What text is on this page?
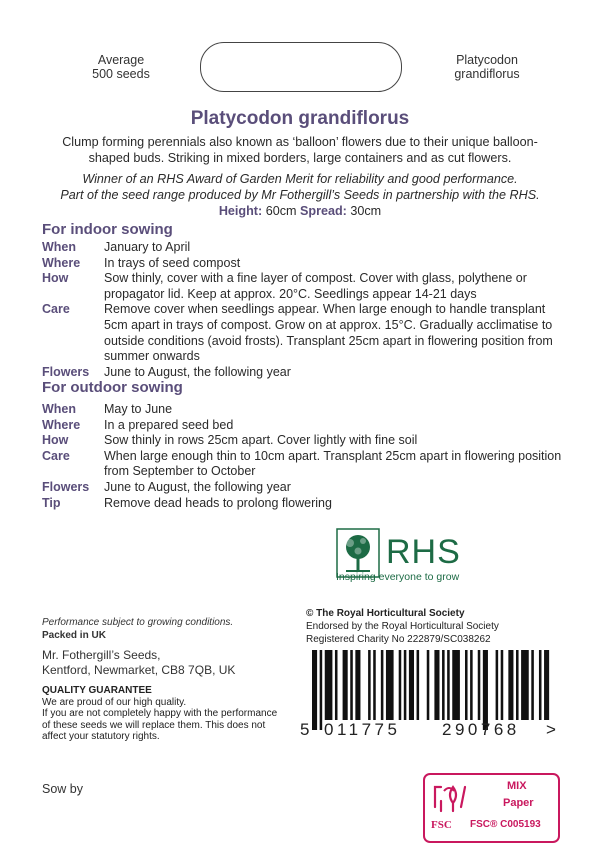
Average
500 seeds
Platycodon
grandiflorus
Platycodon grandiflorus
Clump forming perennials also known as ‘balloon’ flowers due to their unique balloon-
shaped buds. Striking in mixed borders, large containers and as cut flowers.
Winner of an RHS Award of Garden Merit for reliability and good performance.
Part of the seed range produced by Mr Fothergill’s Seeds in partnership with the RHS.
Height: 60cm Spread: 30cm
For indoor sowing
When	January to April
Where	In trays of seed compost
How	Sow thinly, cover with a fine layer of compost. Cover with glass, polythene or propagator lid. Keep at approx. 20°C. Seedlings appear 14-21 days
Care	Remove cover when seedlings appear. When large enough to handle transplant 5cm apart in trays of compost. Grow on at approx. 15°C. Gradually acclimatise to outside conditions (avoid frosts). Transplant 25cm apart in flowering position from summer onwards
Flowers	June to August, the following year
For outdoor sowing
When	May to June
Where	In a prepared seed bed
How	Sow thinly in rows 25cm apart. Cover lightly with fine soil
Care	When large enough thin to 10cm apart. Transplant 25cm apart in flowering position from September to October
Flowers	June to August, the following year
Tip	Remove dead heads to prolong flowering
RHS
Inspiring everyone to grow
Performance subject to growing conditions.
Packed in UK
Mr. Fothergill’s Seeds,
Kentford, Newmarket, CB8 7QB, UK
QUALITY GUARANTEE
We are proud of our high quality.
If you are not completely happy with the performance
of these seeds we will replace them. This does not
affect your statutory rights.
Sow by
© The Royal Horticultural Society
Endorsed by the Royal Horticultural Society
Registered Charity No 222879/SC038262
5 011775 290768 >
FSC
MIX
Paper
FSC® C005193
